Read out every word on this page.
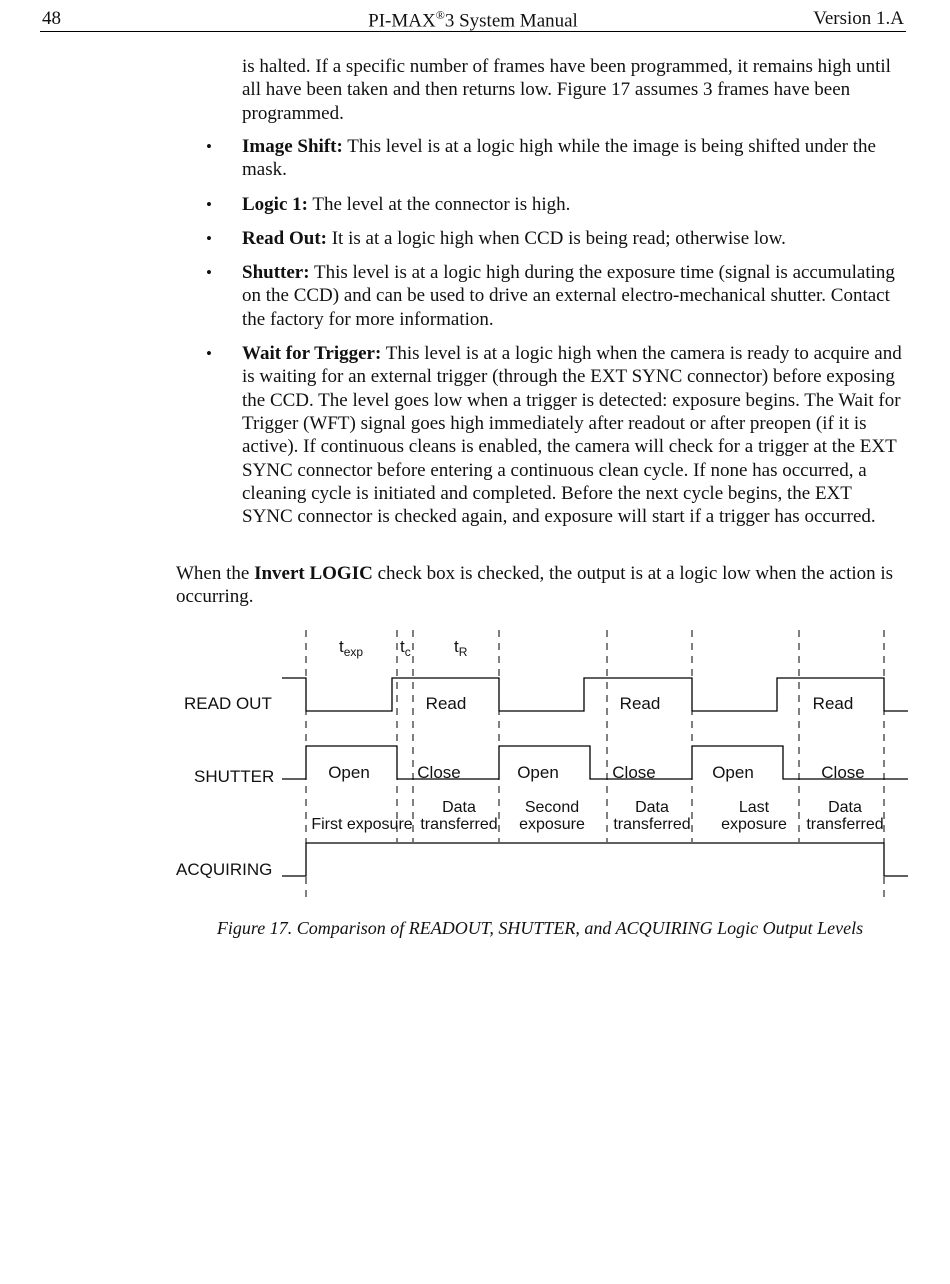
48	PI-MAX®3 System Manual	Version 1.A
is halted. If a specific number of frames have been programmed, it remains high until all have been taken and then returns low. Figure 17 assumes 3 frames have been programmed.
• Image Shift: This level is at a logic high while the image is being shifted under the mask.
• Logic 1: The level at the connector is high.
• Read Out: It is at a logic high when CCD is being read; otherwise low.
• Shutter: This level is at a logic high during the exposure time (signal is accumulating on the CCD) and can be used to drive an external electro-mechanical shutter. Contact the factory for more information.
• Wait for Trigger: This level is at a logic high when the camera is ready to acquire and is waiting for an external trigger (through the EXT SYNC connector) before exposing the CCD. The level goes low when a trigger is detected: exposure begins. The Wait for Trigger (WFT) signal goes high immediately after readout or after preopen (if it is active). If continuous cleans is enabled, the camera will check for a trigger at the EXT SYNC connector before entering a continuous clean cycle. If none has occurred, a cleaning cycle is initiated and completed. Before the next cycle begins, the EXT SYNC connector is checked again, and exposure will start if a trigger has occurred.
When the Invert LOGIC check box is checked, the output is at a logic low when the action is occurring.
$t_{exp}$ $t_c$	$t_R$
READ OUT
SHUTTER
ACQUIRING
Read	Read	Read
Open	Close	Open	Close	Open	Close
First exposure
Data
transferred
Second
exposure
Data
transferred
Last
exposure
Data
transferred
Figure 17. Comparison of READOUT, SHUTTER, and ACQUIRING Logic Output Levels
